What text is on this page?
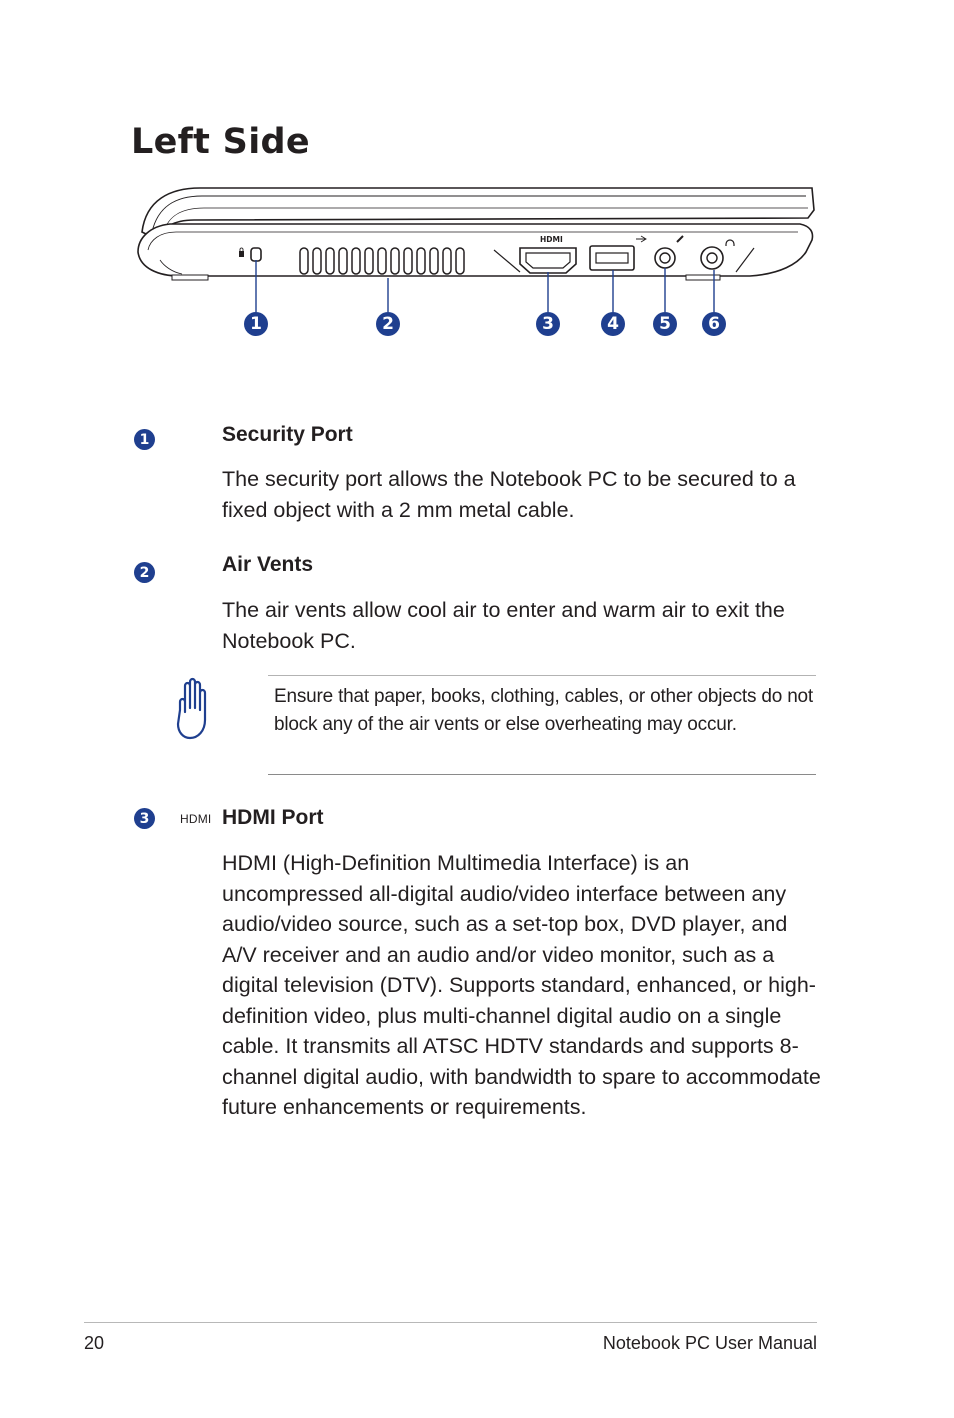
Left Side
HDMI
1	2	3	4	5	6
1	Security Port
The security port allows the Notebook PC to be secured to a fixed object with a 2 mm metal cable.
2	Air Vents
The air vents allow cool air to enter and warm air to exit the Notebook PC.
Ensure that paper, books, clothing, cables, or other objects do not block any of the air vents or else overheating may occur.
3	HDMI HDMI Port
HDMI (High-Definition Multimedia Interface) is an uncompressed all-digital audio/video interface between any audio/video source, such as a set-top box, DVD player, and A/V receiver and an audio and/or video monitor, such as a digital television (DTV). Supports standard, enhanced, or high-definition video, plus multi-channel digital audio on a single cable. It transmits all ATSC HDTV standards and supports 8-channel digital audio, with bandwidth to spare to accommodate future enhancements or requirements.
20	Notebook PC User Manual
